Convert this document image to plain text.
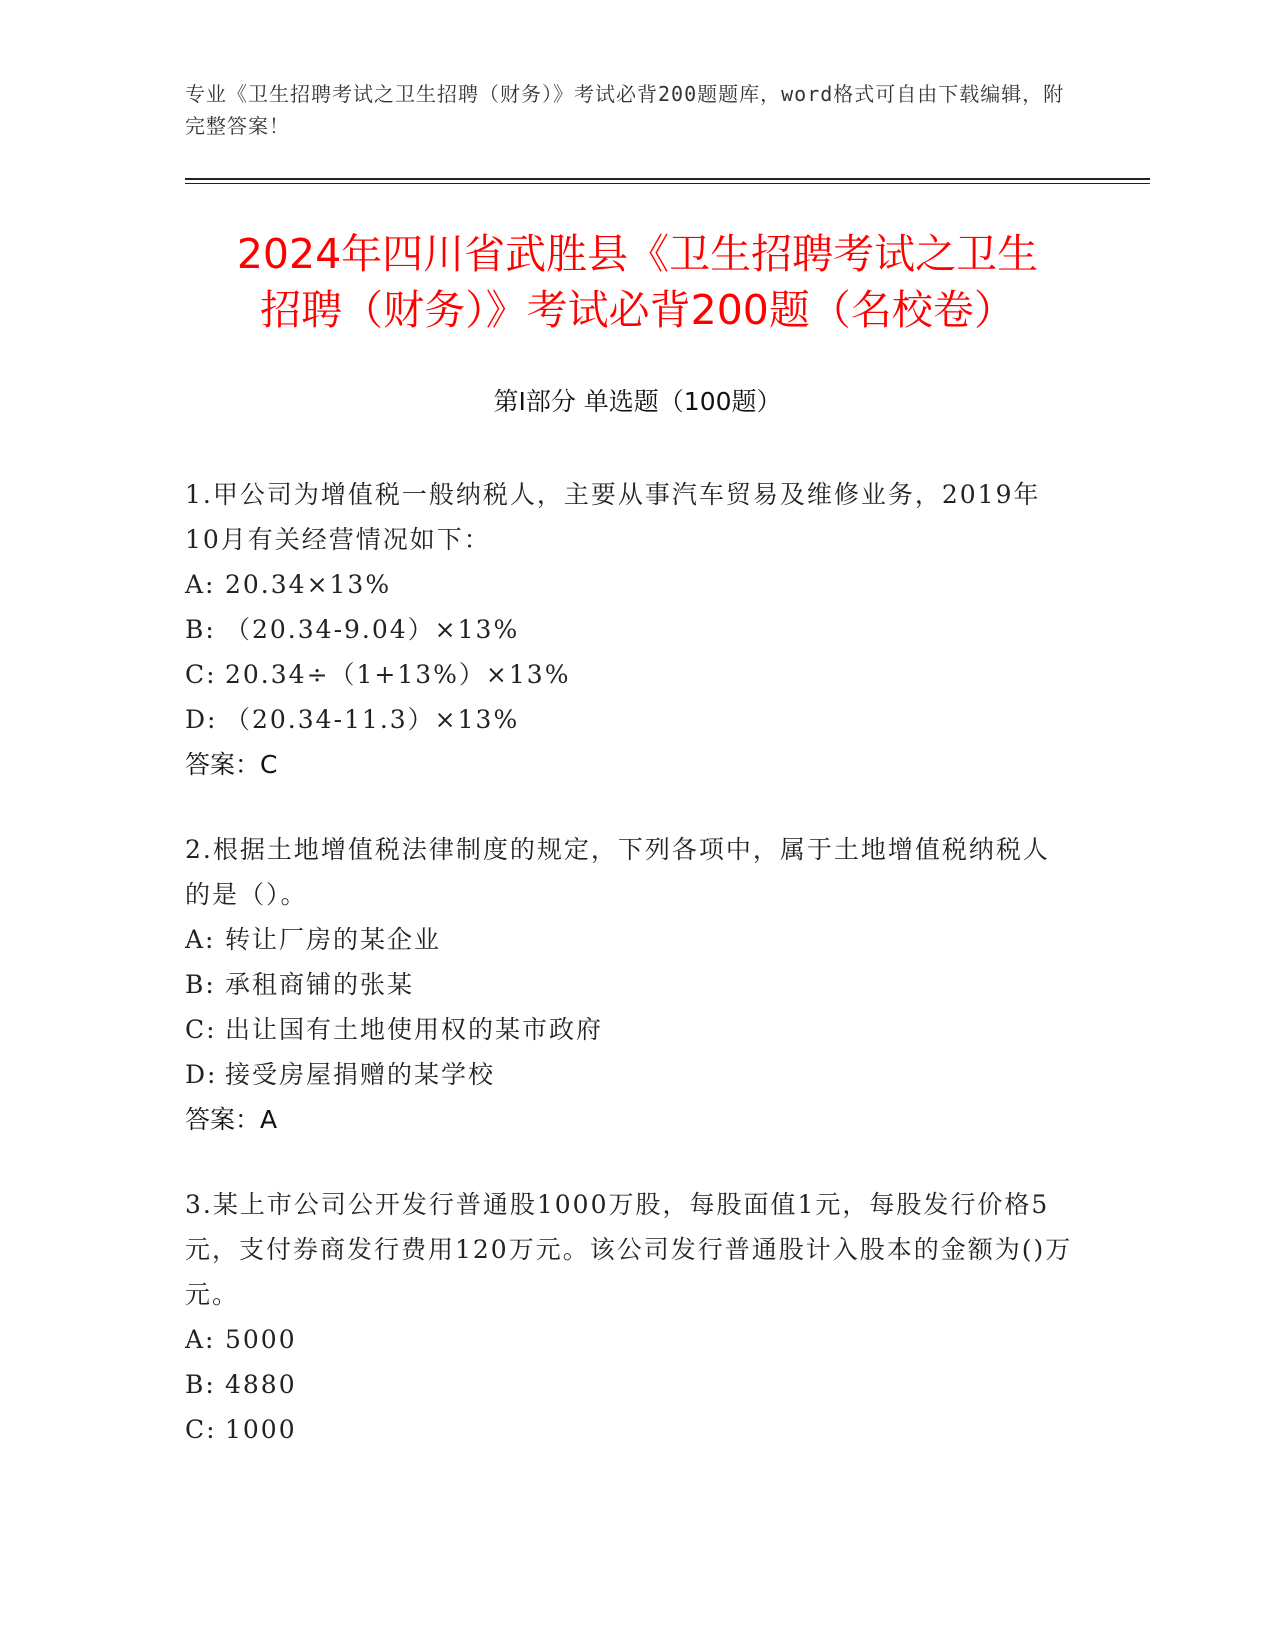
专业《卫生招聘考试之卫生招聘（财务）》考试必背200题题库，word格式可自由下载编辑，附完整答案！
2024年四川省武胜县《卫生招聘考试之卫生
招聘（财务）》考试必背200题（名校卷）
第I部分 单选题（100题）

1.甲公司为增值税一般纳税人，主要从事汽车贸易及维修业务，2019年10月有关经营情况如下：

A: 20.34×13%

B: （20.34-9.04）×13%

C: 20.34÷（1+13%）×13%

D: （20.34-11.3）×13%

答案：C

2.根据土地增值税法律制度的规定，下列各项中，属于土地增值税纳税人的是（）。

A: 转让厂房的某企业

B: 承租商铺的张某

C: 出让国有土地使用权的某市政府

D: 接受房屋捐赠的某学校

答案：A

3.某上市公司公开发行普通股1000万股，每股面值1元，每股发行价格5元，支付券商发行费用120万元。该公司发行普通股计入股本的金额为()万元。

A: 5000

B: 4880

C: 1000
